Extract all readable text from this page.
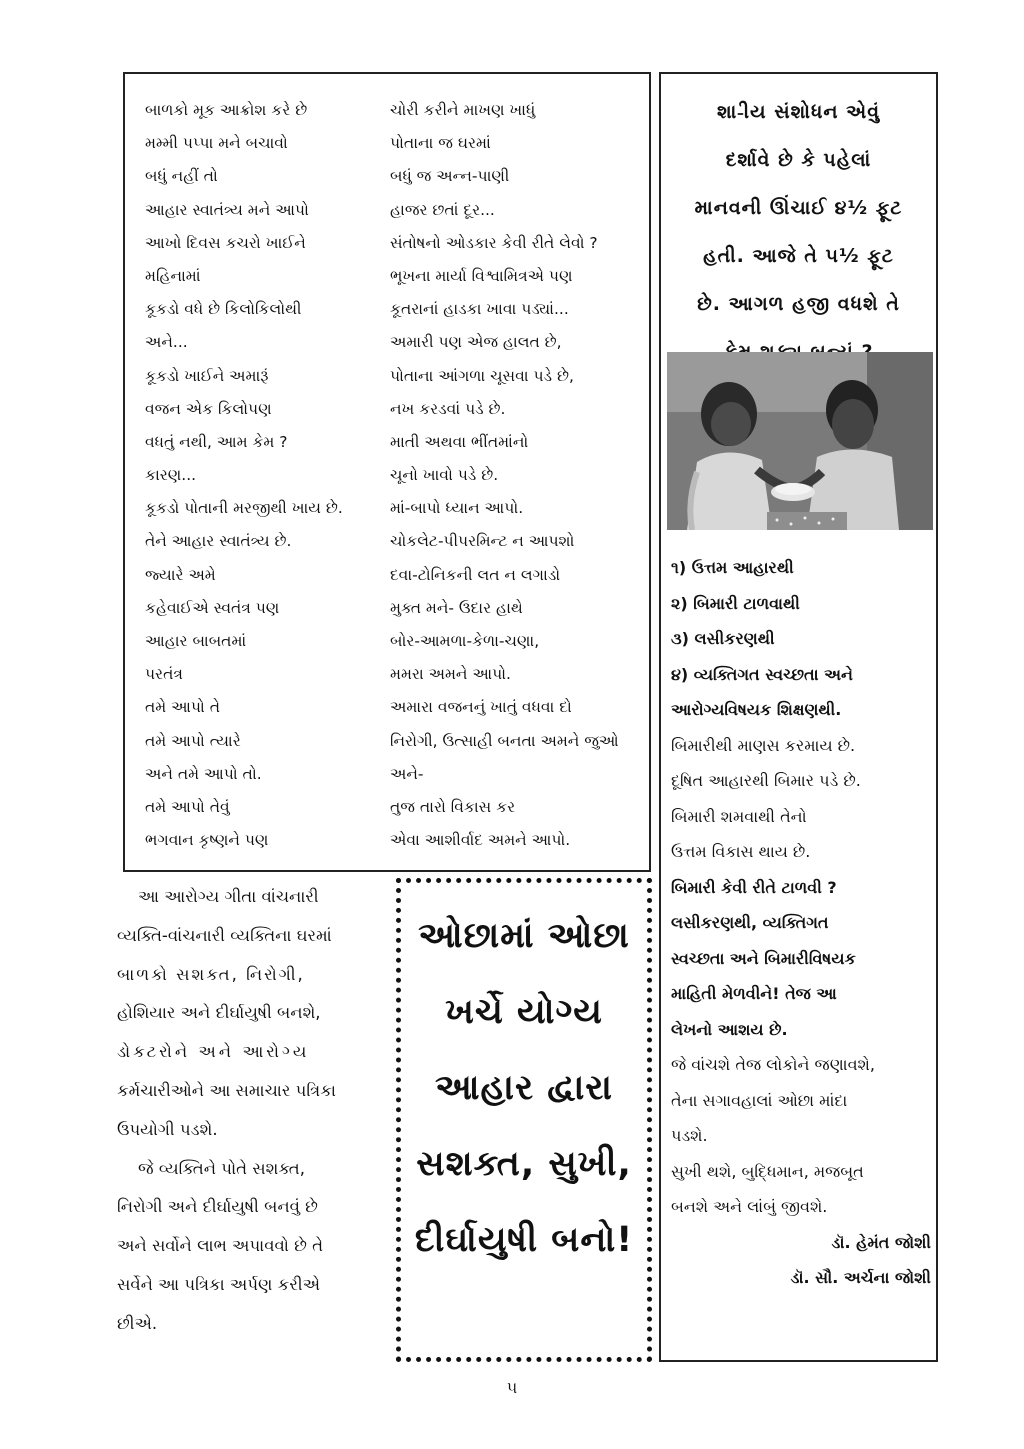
બાળકો મૂક આક્રોશ કરે છે
મમ્મી પપ્પા મને બચાવો
બધું નહીં તો
આહાર સ્વાતંત્ર્ય મને આપો
આખો દિવસ કચરો ખાઈને
મહિનામાં
કૂકડો વધે છે કિલોકિલોથી
અને...
કૂકડો ખાઈને અમારૂં
વજન એક કિલોપણ
વધતું નથી, આમ કેમ ?
કારણ...
કૂકડો પોતાની મરજીથી ખાય છે.
તેને આહાર સ્વાતંત્ર્ય છે.
જ્યારે અમે
કહેવાઈએ સ્વતંત્ર પણ
આહાર બાબતમાં
પરતંત્ર
તમે આપો તે
તમે આપો ત્યારે
અને તમે આપો તો.
તમે આપો તેવું
ભગવાન કૃષ્ણને પણ
ચોરી કરીને માખણ ખાધું
પોતાના જ ઘરમાં
બધું જ અન્ન-પાણી
હાજર છતાં દૂર...
સંતોષનો ઓડકાર કેવી રીતે લેવો ?
ભૂખના માર્યા વિશ્વામિત્રએ પણ
કૂતરાનાં હાડકા ખાવા પડ્યાં...
અમારી પણ એજ હાલત છે,
પોતાના આંગળા ચૂસવા પડે છે,
નખ કરડવાં પડે છે.
માતી અથવા ભીંતમાંનો
ચૂનો ખાવો પડે છે.
માં-બાપો ધ્યાન આપો.
ચોકલેટ-પીપરમિન્ટ ન આપશો
દવા-ટોનિકની લત ન લગાડો
મુક્ત મને- ઉદાર હાથે
બોર-આમળા-કેળા-ચણા,
મમરા અમને આપો.
અમારા વજનનું ખાતું વધવા દો
નિરોગી, ઉત્સાહી બનતા અમને જુઓ
અને-
તુજ તારો વિકાસ કર
એવા આશીર્વાદ અમને આપો.
શા-ીય સંશોધન એવું
દર્શાવે છે કે પહેલાં
માનવની ઊંચાઈ ૪½ ફૂટ
હતી. આજે તે ૫½ ફૂટ
છે. આગળ હજી વધશે તે
૧) ઉત્તમ આહારથી
૨) બિમારી ટાળવાથી
૩) લસીકરણથી
૪) વ્યક્તિગત સ્વચ્છતા અને
આરોગ્યવિષયક શિક્ષણથી.
બિમારીથી માણસ કરમાય છે.
દૂષિત આહારથી બિમાર પડે છે.
બિમારી શમવાથી તેનો
ઉત્તમ વિકાસ થાય છે.
બિમારી કેવી રીતે ટાળવી ?
લસીકરણથી, વ્યક્તિગત
સ્વચ્છતા અને બિમારીવિષયક
માહિતી મેળવીને! તેજ આ
લેખનો આશય છે.
જે વાંચશે તેજ લોકોને જણાવશે,
તેના સગાવહાલાં ઓછા માંદા
પડશે.
સુખી થશે, બુદ્ધિમાન, મજબૂત
બનશે અને લાંબું જીવશે.
ડૉ. હેમંત જોશી
ડૉ. સૌ. અર્ચના જોશી
આ આરોગ્ય ગીતા વાંચનારી
વ્યક્તિ-વાંચનારી વ્યક્તિના ઘરમાં
બાળકો સશક્ત, નિરોગી,
હોશિયાર અને દીર્ઘાયુષી બનશે,
ડોક્ટરોને અને આરોગ્ય
કર્મચારીઓને આ સમાચાર પત્રિકા
ઉપયોગી પડશે.
જે વ્યક્તિને પોતે સશક્ત,
નિરોગી અને દીર્ઘાયુષી બનવું છે
અને સર્વોને લાભ અપાવવો છે તે
સર્વેને આ પત્રિકા અર્પણ કરીએ
છીએ.
ઓછામાં ઓછા
ખર્ચે યોગ્ય
આહાર દ્વારા
સશક્ત, સુખી,
દીર્ઘાયુષી બનો!
૫
